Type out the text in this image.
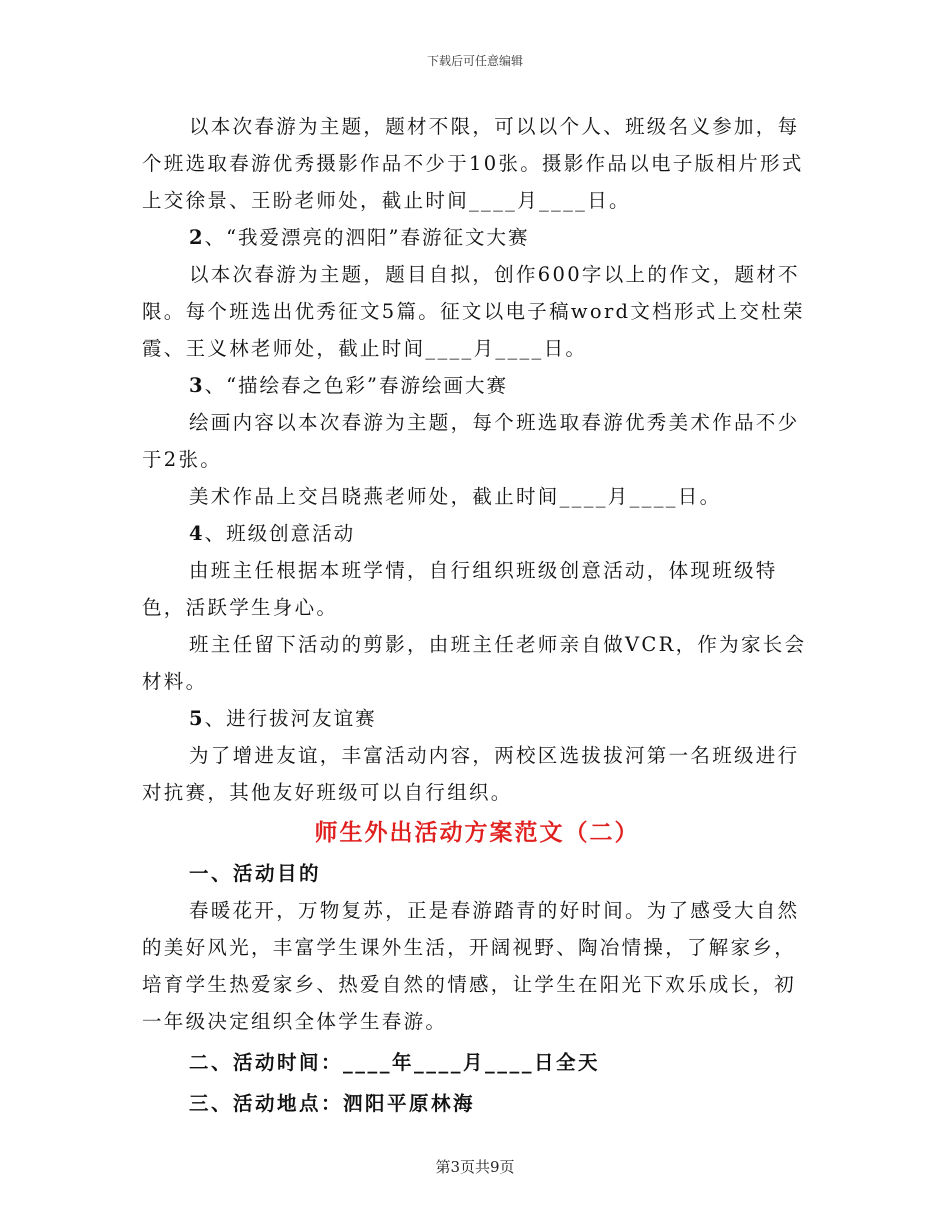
下载后可任意编辑

以本次春游为主题，题材不限，可以以个人、班级名义参加，每个班选取春游优秀摄影作品不少于10张。摄影作品以电子版相片形式上交徐景、王盼老师处，截止时间____月____日。

2、“我爱漂亮的泗阳”春游征文大赛

以本次春游为主题，题目自拟，创作600字以上的作文，题材不限。每个班选出优秀征文5篇。征文以电子稿word文档形式上交杜荣霞、王义林老师处，截止时间____月____日。

3、“描绘春之色彩”春游绘画大赛

绘画内容以本次春游为主题，每个班选取春游优秀美术作品不少于2张。

美术作品上交吕晓燕老师处，截止时间____月____日。

4、班级创意活动

由班主任根据本班学情，自行组织班级创意活动，体现班级特色，活跃学生身心。

班主任留下活动的剪影，由班主任老师亲自做VCR，作为家长会材料。

5、进行拔河友谊赛

为了增进友谊，丰富活动内容，两校区选拔拔河第一名班级进行对抗赛，其他友好班级可以自行组织。

师生外出活动方案范文（二）

一、活动目的

春暖花开，万物复苏，正是春游踏青的好时间。为了感受大自然的美好风光，丰富学生课外生活，开阔视野、陶冶情操，了解家乡，培育学生热爱家乡、热爱自然的情感，让学生在阳光下欢乐成长，初一年级决定组织全体学生春游。

二、活动时间：____年____月____日全天

三、活动地点：泗阳平原林海

第3页共9页
